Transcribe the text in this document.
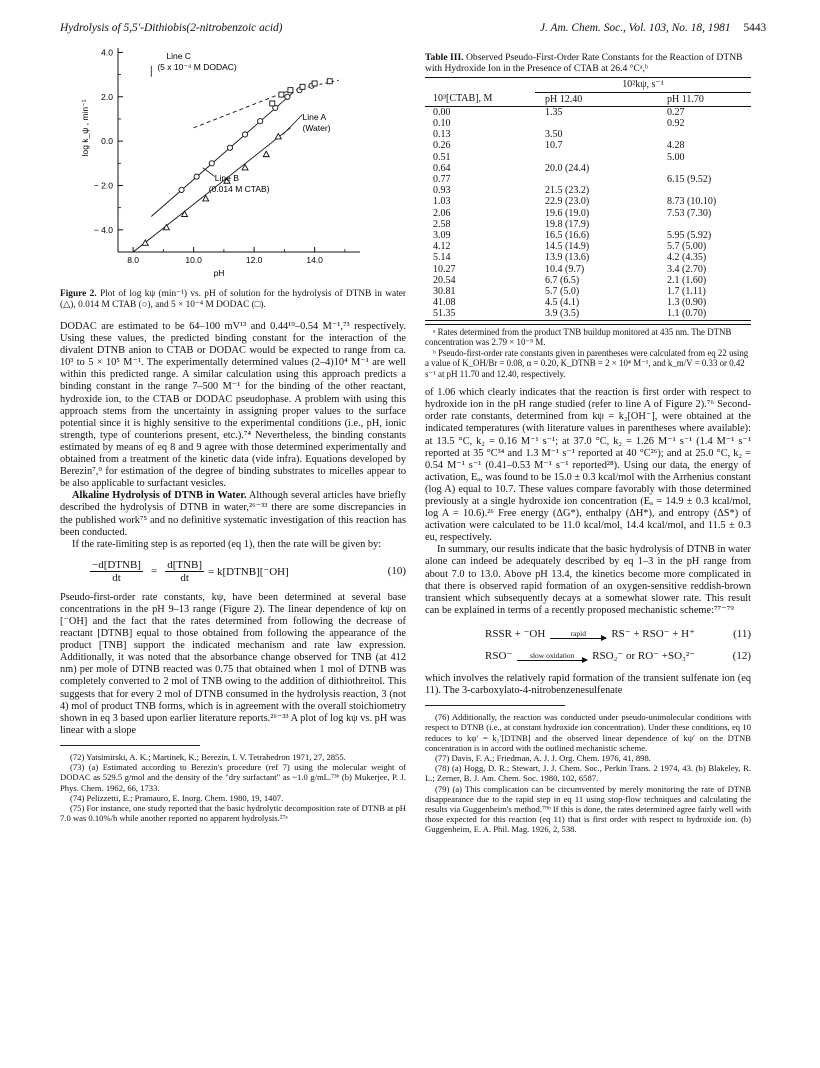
Hydrolysis of 5,5′-Dithiobis(2-nitrobenzoic acid)	J. Am. Chem. Soc., Vol. 103, No. 18, 1981 5443
4.0
2.0
0.0
− 2.0
− 4.0
8.0	10.0	12.0	14.0
pH
log k_ψ , min⁻¹
Line C
(5 x 10⁻⁴ M DODAC)
Line A
(Water)
Line B
(0.014 M CTAB)

Figure 2. Plot of log kψ (min⁻¹) vs. pH of solution for the hydrolysis of DTNB in water (△), 0.014 M CTAB (○), and 5 × 10⁻⁴ M DODAC (□).

DODAC are estimated to be 64–100 mV¹³ and 0.44¹⁹–0.54 M⁻¹,⁷³ respectively. Using these values, the predicted binding constant for the interaction of the divalent DTNB anion to CTAB or DODAC would be expected to range from ca. 10³ to 5 × 10⁵ M⁻¹. The experimentally determined values (2–4)10⁴ M⁻¹ are well within this predicted range. A similar calculation using this approach predicts a binding constant in the range 7–500 M⁻¹ for the binding of the other reactant, hydroxide ion, to the CTAB or DODAC pseudophase. A problem with using this approach stems from the uncertainty in assigning proper values to the surface potential since it is highly sensitive to the experimental conditions (i.e., pH, ionic strength, type of counterions present, etc.).⁷⁴ Nevertheless, the binding constants estimated by means of eq 8 and 9 agree with those determined experimentally and obtained from a treatment of the kinetic data (vide infra). Equations developed by Berezin⁷,⁹ for estimation of the degree of binding substrates to micelles appear to be also applicable to surfactant vesicles.

Alkaline Hydrolysis of DTNB in Water. Although several articles have briefly described the hydrolysis of DTNB in water,²⁶⁻³³ there are some discrepancies in the published work⁷⁵ and no definitive systematic investigation of this reaction has been conducted.

If the rate-limiting step is as reported (eq 1), then the rate will be given by:

$\frac{\text{−d[DTNB]}}{dt} = \frac{\text{d[TNB]}}{dt}$ = k[DTNB][⁻OH]	(10)

Pseudo-first-order rate constants, kψ, have been determined at several base concentrations in the pH 9–13 range (Figure 2). The linear dependence of kψ on [⁻OH] and the fact that the rates determined from following the decrease of reactant [DTNB] equal to those obtained from following the appearance of the product [TNB] support the indicated mechanism and rate law expression. Additionally, it was noted that the absorbance change observed for TNB (at 412 nm) per mole of DTNB reacted was 0.75 that obtained when 1 mol of DTNB was completely converted to 2 mol of TNB owing to the addition of dithiothreitol. This suggests that for every 2 mol of DTNB consumed in the hydrolysis reaction, 3 (not 4) mol of product TNB forms, which is in agreement with the overall stoichiometry shown in eq 3 based upon earlier literature reports.²⁶⁻³³ A plot of log kψ vs. pH was linear with a slope

(72) Yatsimirski, A. K.; Martinek, K.; Berezin, I. V. Tetrahedron 1971, 27, 2855.

(73) (a) Estimated according to Berezin's procedure (ref 7) using the molecular weight of DODAC as 529.5 g/mol and the density of the "dry surfactant" as ~1.0 g/mL.⁷³ᵇ (b) Mukerjee, P. J. Phys. Chem. 1962, 66, 1733.

(74) Pelizzetti, E.; Pramauro, E. Inorg. Chem. 1980, 19, 1407.

(75) For instance, one study reported that the basic hydrolytic decomposition rate of DTNB at pH 7.0 was 0.10%/h while another reported no apparent hydrolysis.²⁷ᵃ

Table III. Observed Pseudo-First-Order Rate Constants for the Reaction of DTNB with Hydroxide Ion in the Presence of CTAB at 26.4 °Cᵃ,ᵇ

	10²kψ, s⁻¹	
10³[CTAB], M	pH 12.40	pH 11.70
0.00	1.35	0.27
0.10		0.92
0.13	3.50	
0.26	10.7	4.28
0.51		5.00
0.64	20.0 (24.4)	
0.77		6.15 (9.52)
0.93	21.5 (23.2)	
1.03	22.9 (23.0)	8.73 (10.10)
2.06	19.6 (19.0)	7.53 (7.30)
2.58	19.8 (17.9)	
3.09	16.5 (16.6)	5.95 (5.92)
4.12	14.5 (14.9)	5.7 (5.00)
5.14	13.9 (13.6)	4.2 (4.35)
10.27	10.4 (9.7)	3.4 (2.70)
20.54	6.7 (6.5)	2.1 (1.60)
30.81	5.7 (5.0)	1.7 (1.11)
41.08	4.5 (4.1)	1.3 (0.90)
51.35	3.9 (3.5)	1.1 (0.70)

ᵃ Rates determined from the product TNB buildup monitored at 435 nm. The DTNB concentration was 2.79 × 10⁻⁵ M.

ᵇ Pseudo-first-order rate constants given in parentheses were calculated from eq 22 using a value of K_OH/Br = 0.08, α = 0.20, K_DTNB = 2 × 10⁴ M⁻¹, and k_m/V = 0.33 or 0.42 s⁻¹ at pH 11.70 and 12.40, respectively.

of 1.06 which clearly indicates that the reaction is first order with respect to hydroxide ion in the pH range studied (refer to line A of Figure 2).⁷⁶ Second-order rate constants, determined from kψ = k₂[OH⁻], were obtained at the indicated temperatures (with literature values in parentheses where available): at 13.5 °C, k₂ = 0.16 M⁻¹ s⁻¹; at 37.0 °C, k₂ = 1.26 M⁻¹ s⁻¹ (1.4 M⁻¹ s⁻¹ reported at 35 °C³⁴ and 1.3 M⁻¹ s⁻¹ reported at 40 °C²⁶); and at 25.0 °C, k₂ = 0.54 M⁻¹ s⁻¹ (0.41–0.53 M⁻¹ s⁻¹ reported²⁸). Using our data, the energy of activation, Eₐ, was found to be 15.0 ± 0.3 kcal/mol with the Arrhenius constant (log A) equal to 10.7. These values compare favorably with those determined previously at a single hydroxide ion concentration (Eₐ = 14.9 ± 0.3 kcal/mol, log A = 10.6).²⁶ Free energy (ΔG*), enthalpy (ΔH*), and entropy (ΔS*) of activation were calculated to be 11.0 kcal/mol, 14.4 kcal/mol, and 11.5 ± 0.3 eu, respectively.

In summary, our results indicate that the basic hydrolysis of DTNB in water alone can indeed be adequately described by eq 1–3 in the pH range from about 7.0 to 13.0. Above pH 13.4, the kinetics become more complicated in that there is observed rapid formation of an oxygen-sensitive reddish-brown transient which subsequently decays at a somewhat slower rate. This result can be explained in terms of a recently proposed mechanistic scheme:⁷⁷⁻⁷⁹

RSSR + ⁻OH	rapid RS⁻ + RSO⁻ + H⁺	(11)
RSO⁻ slow oxidation RSO₂⁻ or RO⁻ +SO₃²⁻	(12)

which involves the relatively rapid formation of the transient sulfenate ion (eq 11). The 3-carboxylato-4-nitrobenzenesulfenate

(76) Additionally, the reaction was conducted under pseudo-unimolecular conditions with respect to DTNB (i.e., at constant hydroxide ion concentration). Under these conditions, eq 10 reduces to kψ′ = k₂′[DTNB] and the observed linear dependence of kψ′ on the DTNB concentration is in accord with the outlined mechanistic scheme.

(77) Davis, F. A.; Friedman, A. J. J. Org. Chem. 1976, 41, 898.

(78) (a) Hogg, D. R.; Stewart, J. J. Chem. Soc., Perkin Trans. 2 1974, 43. (b) Blakeley, R. L.; Zerner, B. J. Am. Chem. Soc. 1980, 102, 6587.

(79) (a) This complication can be circumvented by merely monitoring the rate of DTNB disappearance due to the rapid step in eq 11 using stop-flow techniques and calculating the results via Guggenheim's method.⁷⁹ᵇ If this is done, the rates determined agree fairly well with those expected for this reaction (eq 11) that is first order with respect to hydroxide ion. (b) Guggenheim, E. A. Phil. Mag. 1926, 2, 538.
